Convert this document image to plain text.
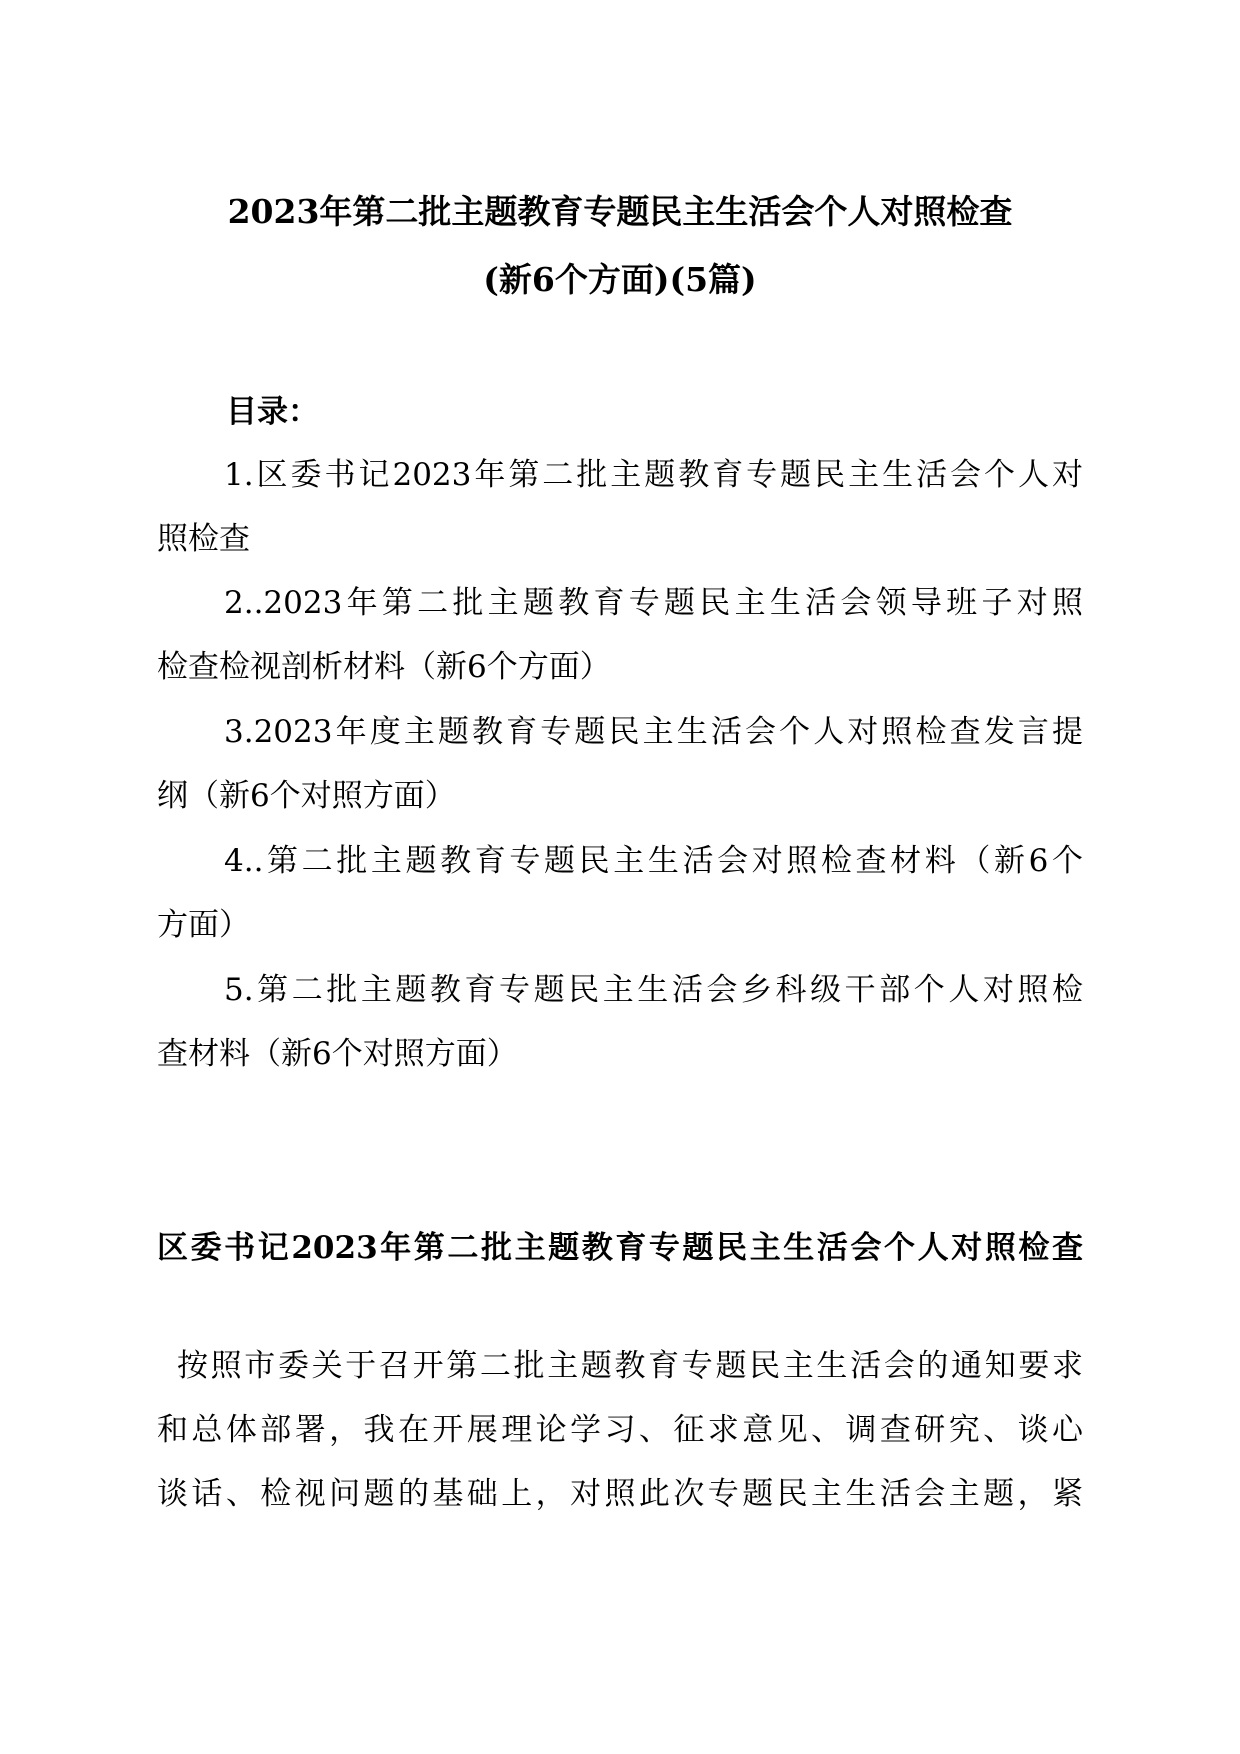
2023年第二批主题教育专题民主生活会个人对照检查
(新6个方面)(5篇)
目录：
1.区委书记2023年第二批主题教育专题民主生活会个人对
照检查
2..2023年第二批主题教育专题民主生活会领导班子对照
检查检视剖析材料（新6个方面）
3.2023年度主题教育专题民主生活会个人对照检查发言提
纲（新6个对照方面）
4..第二批主题教育专题民主生活会对照检查材料（新6个
方面）
5.第二批主题教育专题民主生活会乡科级干部个人对照检
查材料（新6个对照方面）
区委书记2023年第二批主题教育专题民主生活会个人对照检查
按照市委关于召开第二批主题教育专题民主生活会的通知要求
和总体部署，我在开展理论学习、征求意见、调查研究、谈心
谈话、检视问题的基础上，对照此次专题民主生活会主题，紧
